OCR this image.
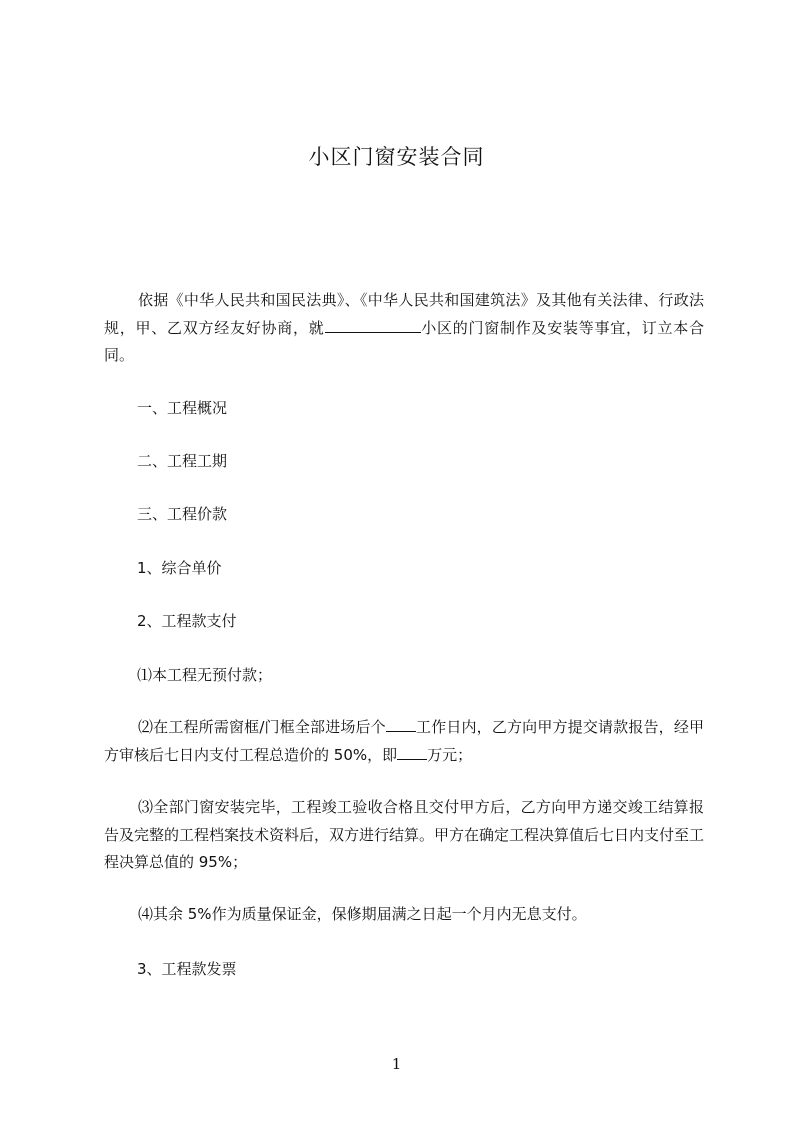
小区门窗安装合同

依据《中华人民共和国民法典》、《中华人民共和国建筑法》及其他有关法律、行政法规，甲、乙双方经友好协商，就	小区的门窗制作及安装等事宜，订立本合同。

一、工程概况

二、工程工期

三、工程价款

1、综合单价

2、工程款支付

⑴本工程无预付款；

⑵在工程所需窗框/门框全部进场后个 工作日内，乙方向甲方提交请款报告，经甲方审核后七日内支付工程总造价的 50%，即 万元；

⑶全部门窗安装完毕，工程竣工验收合格且交付甲方后，乙方向甲方递交竣工结算报告及完整的工程档案技术资料后，双方进行结算。甲方在确定工程决算值后七日内支付至工程决算总值的 95%；

⑷其余 5%作为质量保证金，保修期届满之日起一个月内无息支付。

3、工程款发票

1
